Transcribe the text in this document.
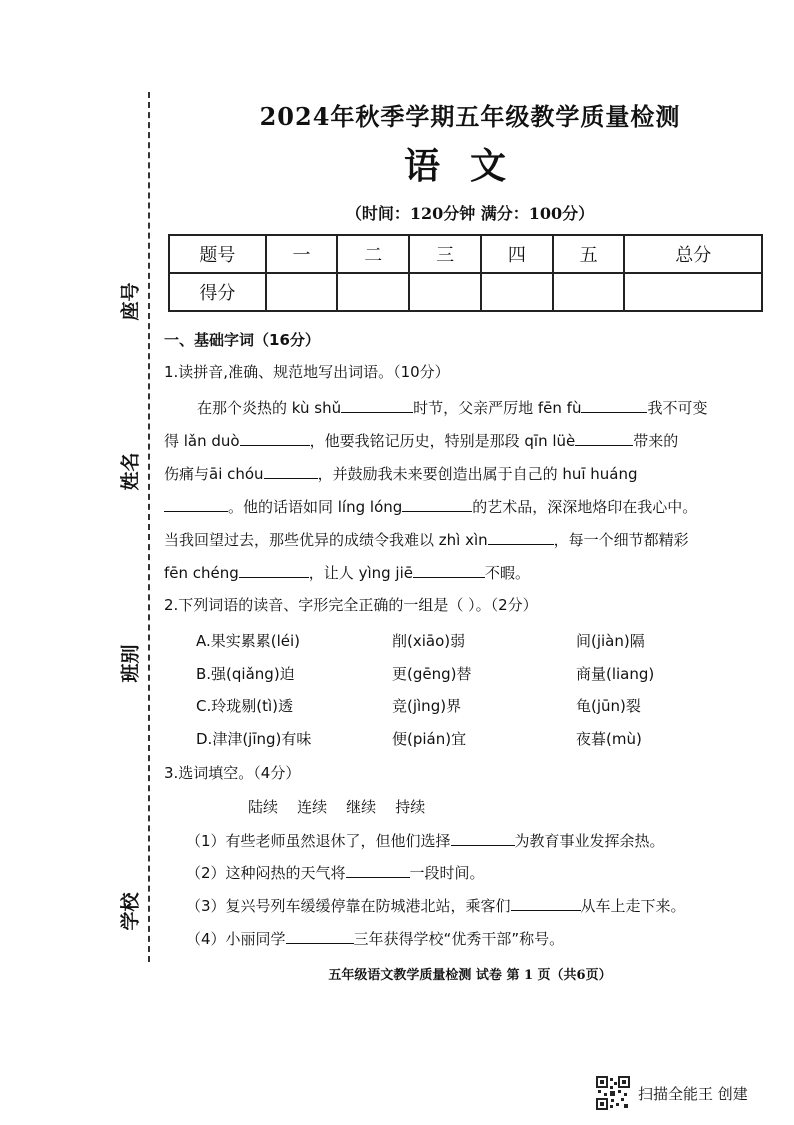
座号
姓名
班别
学校
2024年秋季学期五年级教学质量检测
语文
（时间：120分钟 满分：100分）
题号	一	二	三	四	五	总分
得分						
一、基础字词（16分）
1.读拼音,准确、规范地写出词语。（10分）
在那个炎热的 kù shǔ	时节，父亲严厉地 fēn fù	我不可变
得 lǎn duò	，他要我铭记历史，特别是那段 qīn lüè	带来的
伤痛与āi chóu	，并鼓励我未来要创造出属于自己的 huī huáng
。他的话语如同 líng lóng	的艺术品，深深地烙印在我心中。
当我回望过去，那些优异的成绩令我难以 zhì xìn	，每一个细节都精彩
fēn chéng	，让人 yìng jiē	不暇。
2.下列词语的读音、字形完全正确的一组是（ ）。（2分）
A.果实累累(léi)	削(xiāo)弱	间(jiàn)隔
B.强(qiǎng)迫	更(gēng)替	商量(liang)
C.玲珑剔(tì)透	竞(jìng)界	龟(jūn)裂
D.津津(jīng)有味	便(pián)宜	夜暮(mù)
3.选词填空。（4分）
陆续    连续    继续    持续
（1）有些老师虽然退休了，但他们选择	为教育事业发挥余热。
（2）这种闷热的天气将	一段时间。
（3）复兴号列车缓缓停靠在防城港北站，乘客们	从车上走下来。
（4）小丽同学	三年获得学校“优秀干部”称号。
五年级语文教学质量检测 试卷 第 1 页（共6页）
扫描全能王 创建
